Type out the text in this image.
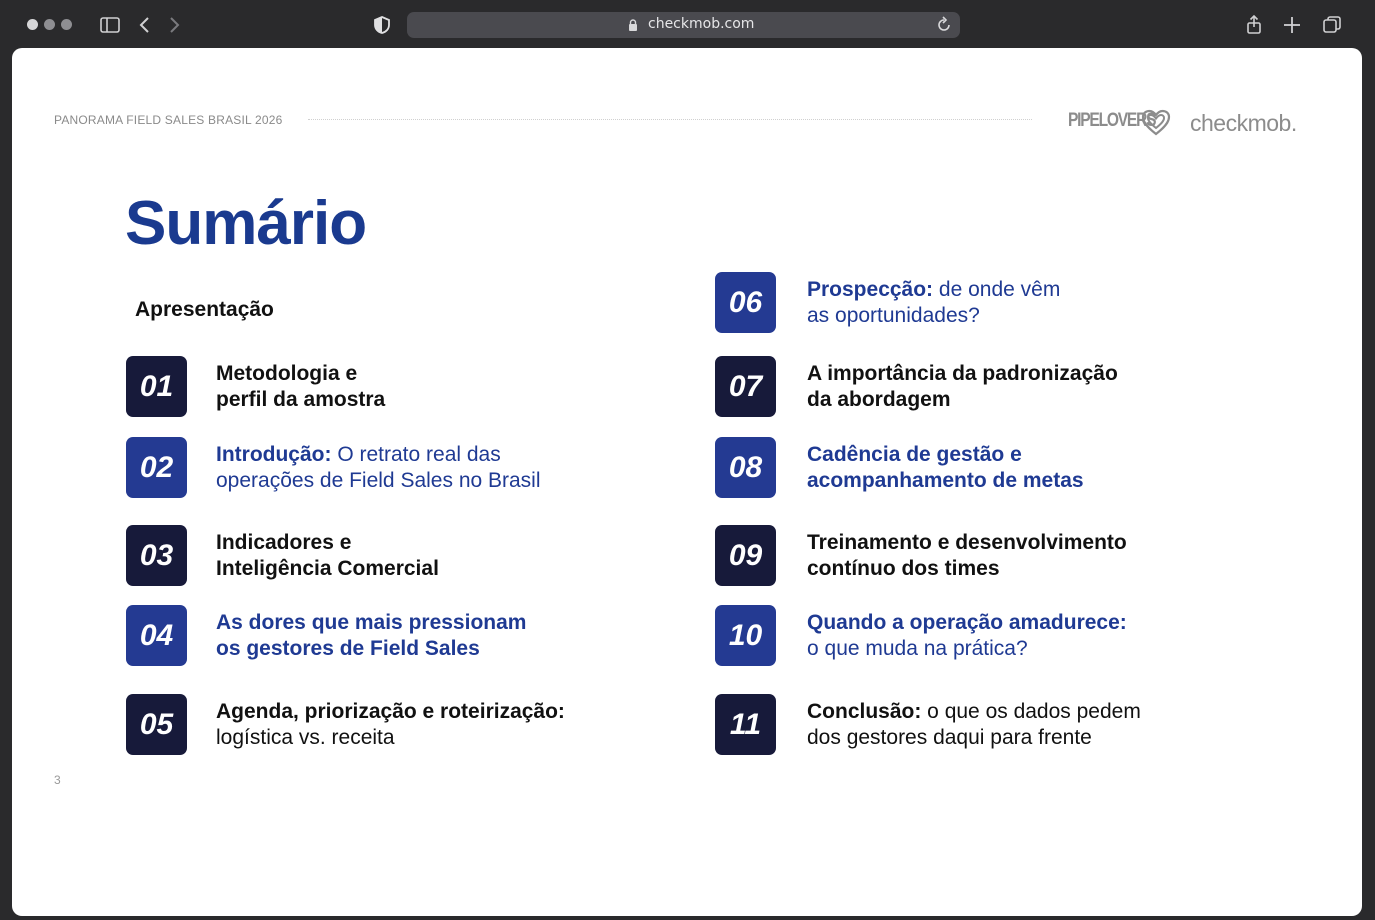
checkmob.com
PANORAMA FIELD SALES BRASIL 2026	PIPELOVERS checkmob.
Sumário
Apresentação
01	Metodologia e
perfil da amostra
02	Introdução: O retrato real das
operações de Field Sales no Brasil
03	Indicadores e
Inteligência Comercial
04	As dores que mais pressionam
os gestores de Field Sales
05	Agenda, priorização e roteirização:
logística vs. receita
06	Prospecção: de onde vêm
as oportunidades?
07	A importância da padronização
da abordagem
08	Cadência de gestão e
acompanhamento de metas
09	Treinamento e desenvolvimento
contínuo dos times
10	Quando a operação amadurece:
o que muda na prática?
11	Conclusão: o que os dados pedem
dos gestores daqui para frente
3
